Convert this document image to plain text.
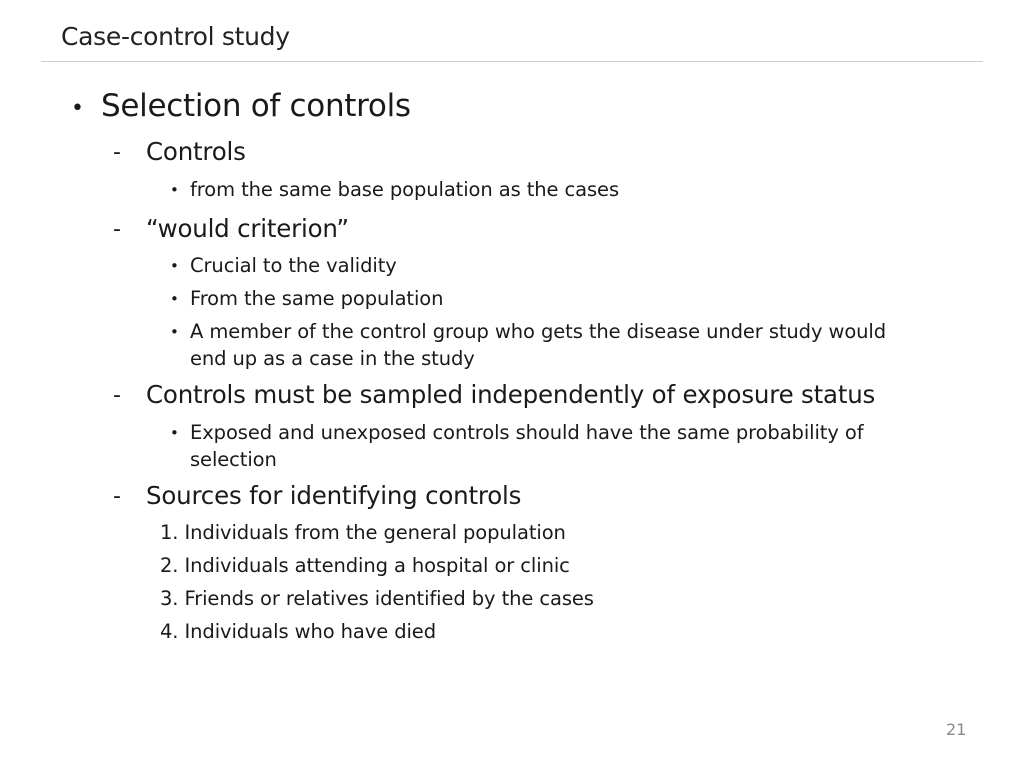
Case-control study
• Selection of controls
- Controls
• from the same base population as the cases
- “would criterion”
• Crucial to the validity
• From the same population
• A member of the control group who gets the disease under study would
end up as a case in the study
- Controls must be sampled independently of exposure status
• Exposed and unexposed controls should have the same probability of
selection
- Sources for identifying controls
1. Individuals from the general population
2. Individuals attending a hospital or clinic
3. Friends or relatives identified by the cases
4. Individuals who have died
21
